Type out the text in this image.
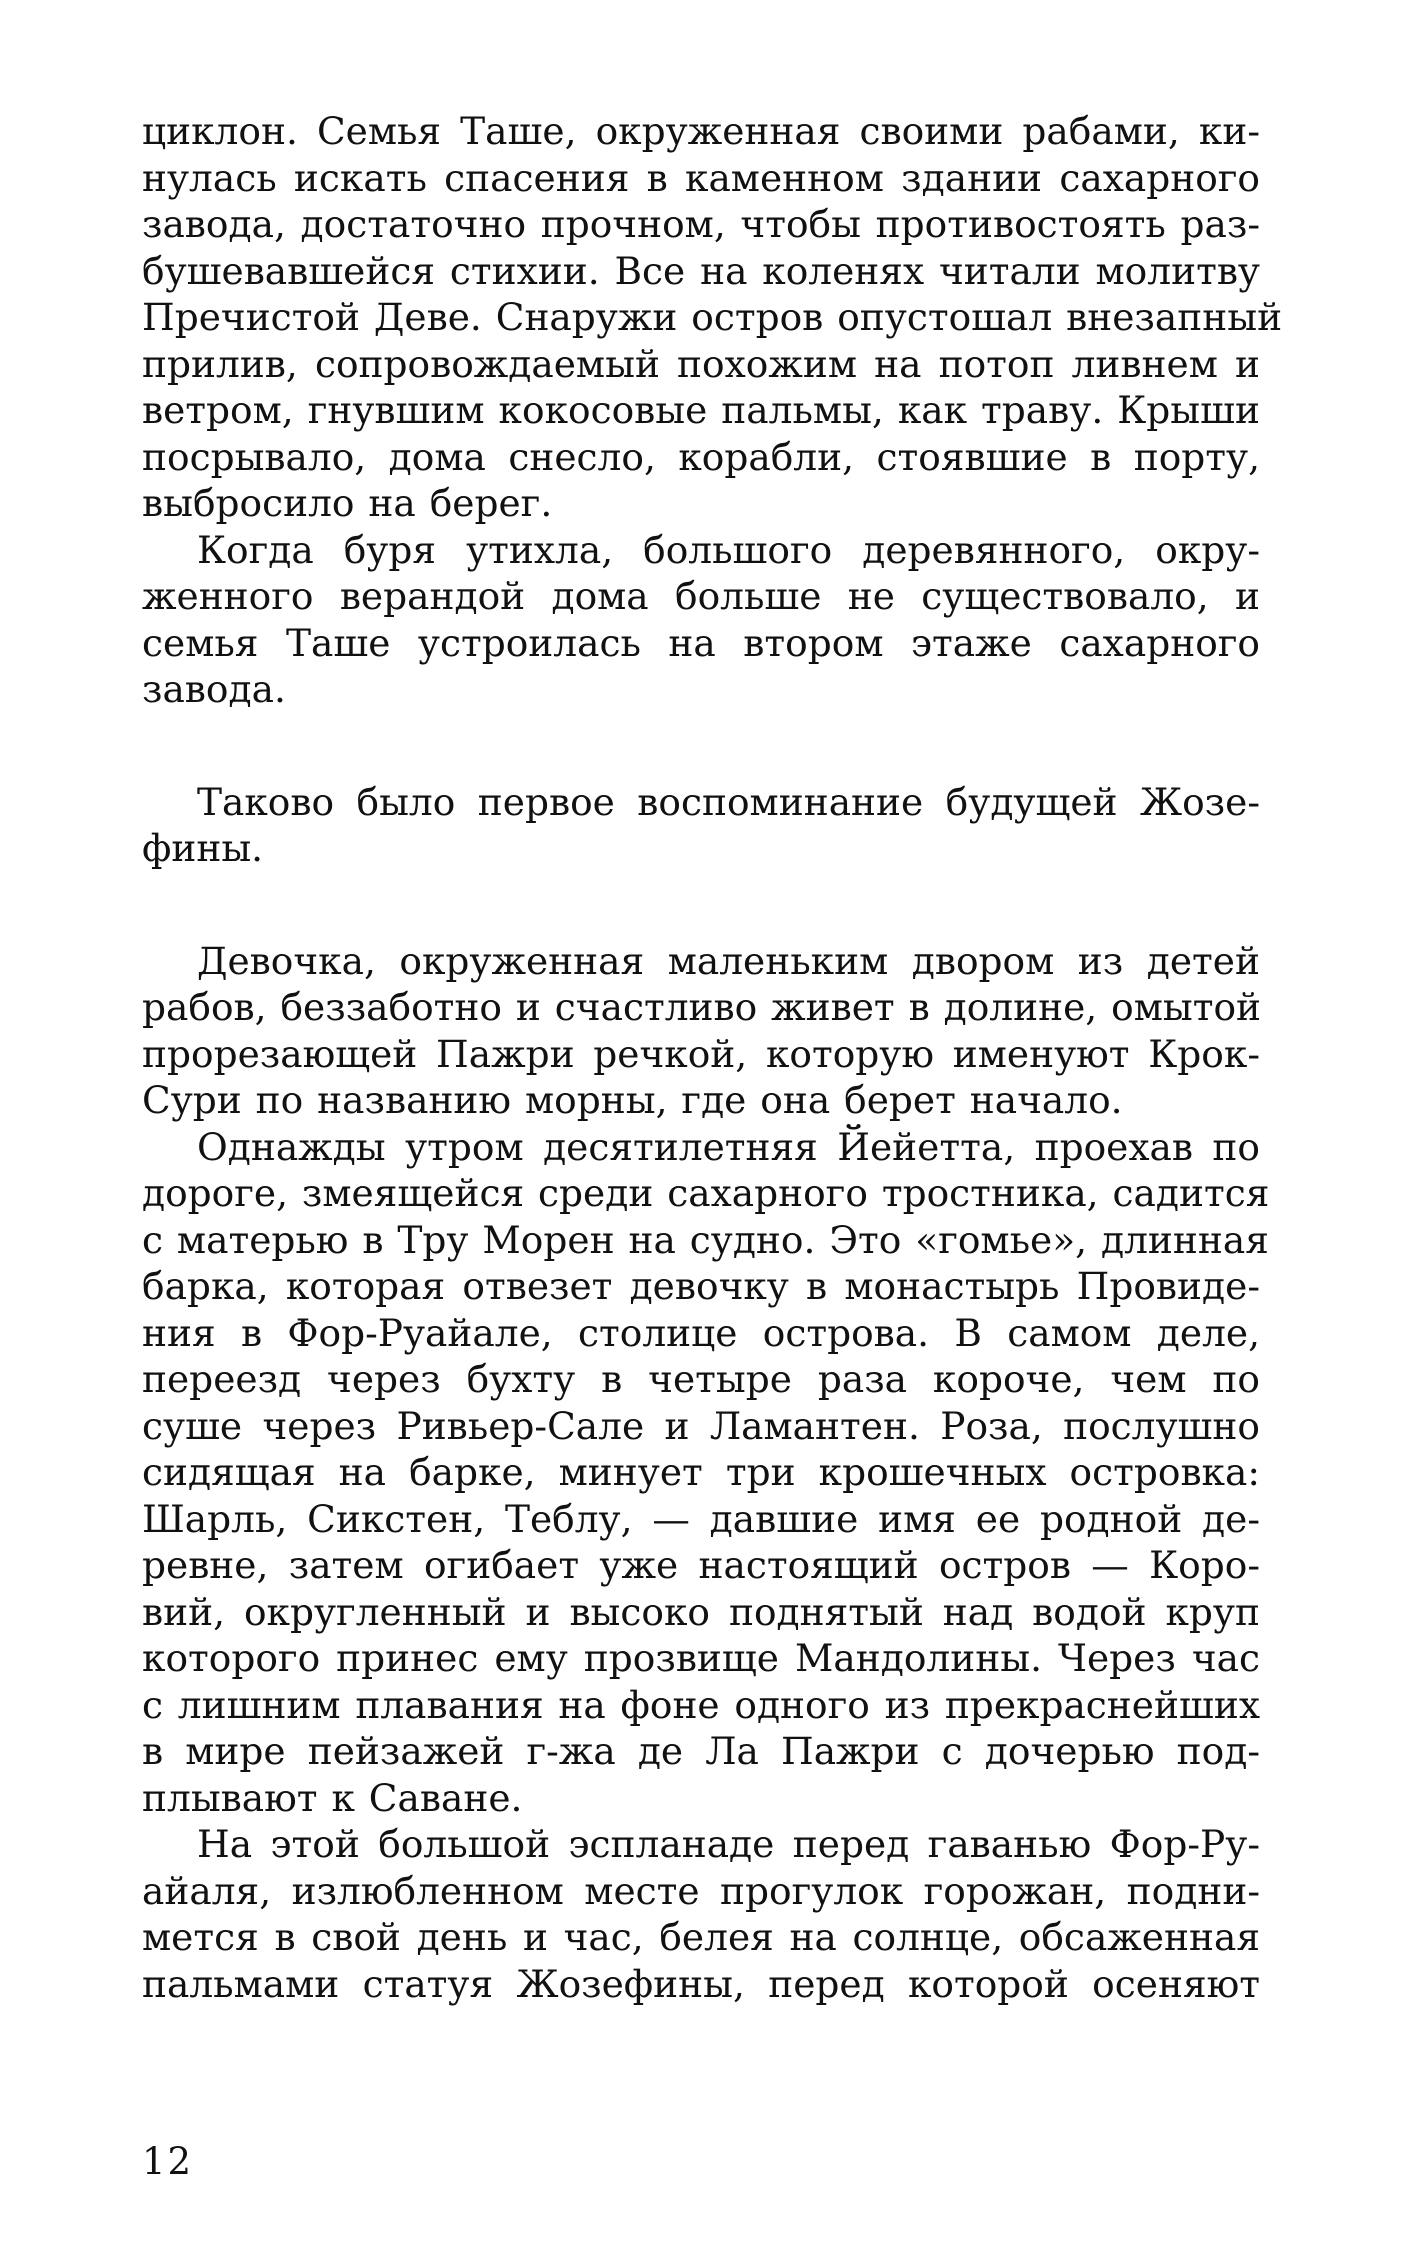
циклон. Семья Таше, окруженная своими рабами, ки-
нулась искать спасения в каменном здании сахарного
завода, достаточно прочном, чтобы противостоять раз-
бушевавшейся стихии. Все на коленях читали молитву
Пречистой Деве. Снаружи остров опустошал внезапный
прилив, сопровождаемый похожим на потоп ливнем и
ветром, гнувшим кокосовые пальмы, как траву. Крыши
посрывало, дома снесло, корабли, стоявшие в порту,
выбросило на берег.
Когда буря утихла, большого деревянного, окру-
женного верандой дома больше не существовало, и
семья Таше устроилась на втором этаже сахарного
завода.
Таково было первое воспоминание будущей Жозе-
фины.
Девочка, окруженная маленьким двором из детей
рабов, беззаботно и счастливо живет в долине, омытой
прорезающей Пажри речкой, которую именуют Крок-
Сури по названию морны, где она берет начало.
Однажды утром десятилетняя Йейетта, проехав по
дороге, змеящейся среди сахарного тростника, садится
с матерью в Тру Морен на судно. Это «гомье», длинная
барка, которая отвезет девочку в монастырь Провиде-
ния в Фор-Руайале, столице острова. В самом деле,
переезд через бухту в четыре раза короче, чем по
суше через Ривьер-Сале и Ламантен. Роза, послушно
сидящая на барке, минует три крошечных островка:
Шарль, Сикстен, Теблу, — давшие имя ее родной де-
ревне, затем огибает уже настоящий остров — Коро-
вий, округленный и высоко поднятый над водой круп
которого принес ему прозвище Мандолины. Через час
с лишним плавания на фоне одного из прекраснейших
в мире пейзажей г-жа де Ла Пажри с дочерью под-
плывают к Саване.
На этой большой эспланаде перед гаванью Фор-Ру-
айаля, излюбленном месте прогулок горожан, подни-
мется в свой день и час, белея на солнце, обсаженная
пальмами статуя Жозефины, перед которой осеняют
12
